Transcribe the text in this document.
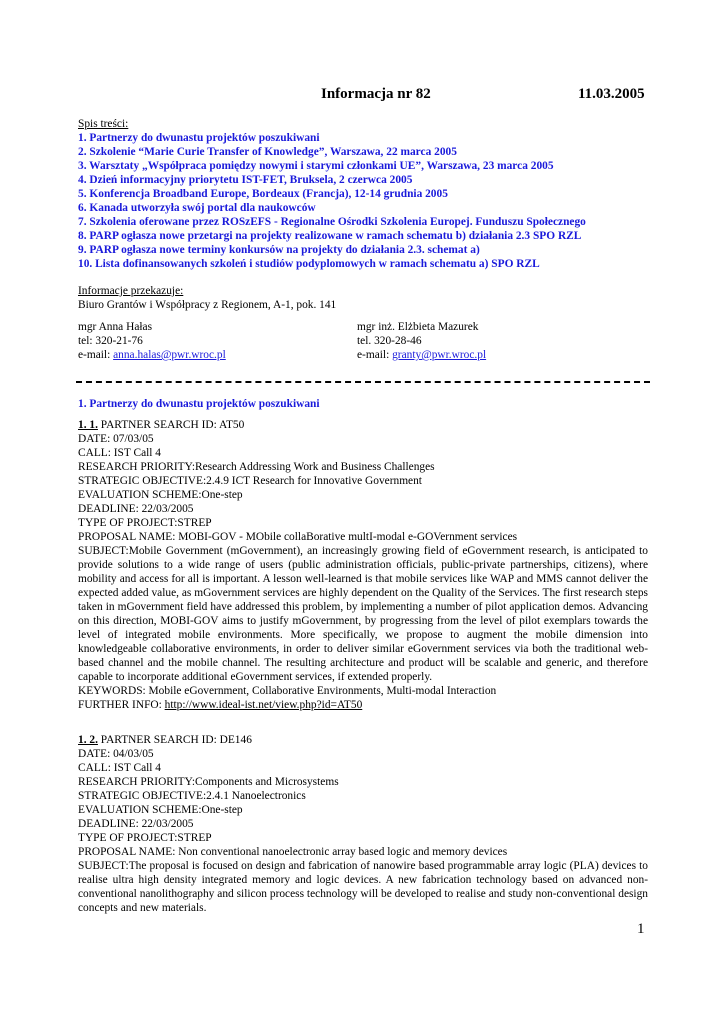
Informacja nr 82	11.03.2005
Spis treści:
1. Partnerzy do dwunastu projektów poszukiwani
2. Szkolenie “Marie Curie Transfer of Knowledge”, Warszawa, 22 marca 2005
3. Warsztaty „Współpraca pomiędzy nowymi i starymi członkami UE”, Warszawa, 23 marca 2005
4. Dzień informacyjny priorytetu IST-FET, Bruksela, 2 czerwca 2005
5. Konferencja Broadband Europe, Bordeaux (Francja), 12-14 grudnia 2005
6. Kanada utworzyła swój portal dla naukowców
7. Szkolenia oferowane przez ROSzEFS - Regionalne Ośrodki Szkolenia Europej. Funduszu Społecznego
8. PARP ogłasza nowe przetargi na projekty realizowane w ramach schematu b) działania 2.3 SPO RZL
9. PARP ogłasza nowe terminy konkursów na projekty do działania 2.3. schemat a)
10. Lista dofinansowanych szkoleń i studiów podyplomowych w ramach schematu a) SPO RZL
Informacje przekazuje:
Biuro Grantów i Współpracy z Regionem, A-1, pok. 141
mgr Anna Hałas
tel: 320-21-76
e-mail: anna.halas@pwr.wroc.pl
mgr inż. Elżbieta Mazurek
tel. 320-28-46
e-mail: granty@pwr.wroc.pl
1. Partnerzy do dwunastu projektów poszukiwani
1. 1. PARTNER SEARCH ID: AT50
DATE: 07/03/05
CALL: IST Call 4
RESEARCH PRIORITY:Research Addressing Work and Business Challenges
STRATEGIC OBJECTIVE:2.4.9 ICT Research for Innovative Government
EVALUATION SCHEME:One-step
DEADLINE: 22/03/2005
TYPE OF PROJECT:STREP
PROPOSAL NAME: MOBI-GOV - MObile collaBorative multI-modal e-GOVernment services
SUBJECT:Mobile Government (mGovernment), an increasingly growing field of eGovernment research, is anticipated to provide solutions to a wide range of users (public administration officials, public-private partnerships, citizens), where mobility and access for all is important. A lesson well-learned is that mobile services like WAP and MMS cannot deliver the expected added value, as mGovernment services are highly dependent on the Quality of the Services. The first research steps taken in mGovernment field have addressed this problem, by implementing a number of pilot application demos. Advancing on this direction, MOBI-GOV aims to justify mGovernment, by progressing from the level of pilot exemplars towards the level of integrated mobile environments. More specifically, we propose to augment the mobile dimension into knowledgeable collaborative environments, in order to deliver similar eGovernment services via both the traditional web-based channel and the mobile channel. The resulting architecture and product will be scalable and generic, and therefore capable to incorporate additional eGovernment services, if extended properly.
KEYWORDS: Mobile eGovernment, Collaborative Environments, Multi-modal Interaction
FURTHER INFO: http://www.ideal-ist.net/view.php?id=AT50
1. 2. PARTNER SEARCH ID: DE146
DATE: 04/03/05
CALL: IST Call 4
RESEARCH PRIORITY:Components and Microsystems
STRATEGIC OBJECTIVE:2.4.1 Nanoelectronics
EVALUATION SCHEME:One-step
DEADLINE: 22/03/2005
TYPE OF PROJECT:STREP
PROPOSAL NAME: Non conventional nanoelectronic array based logic and memory devices
SUBJECT:The proposal is focused on design and fabrication of nanowire based programmable array logic (PLA) devices to realise ultra high density integrated memory and logic devices. A new fabrication technology based on advanced non-conventional nanolithography and silicon process technology will be developed to realise and study non-conventional design concepts and new materials.
1
